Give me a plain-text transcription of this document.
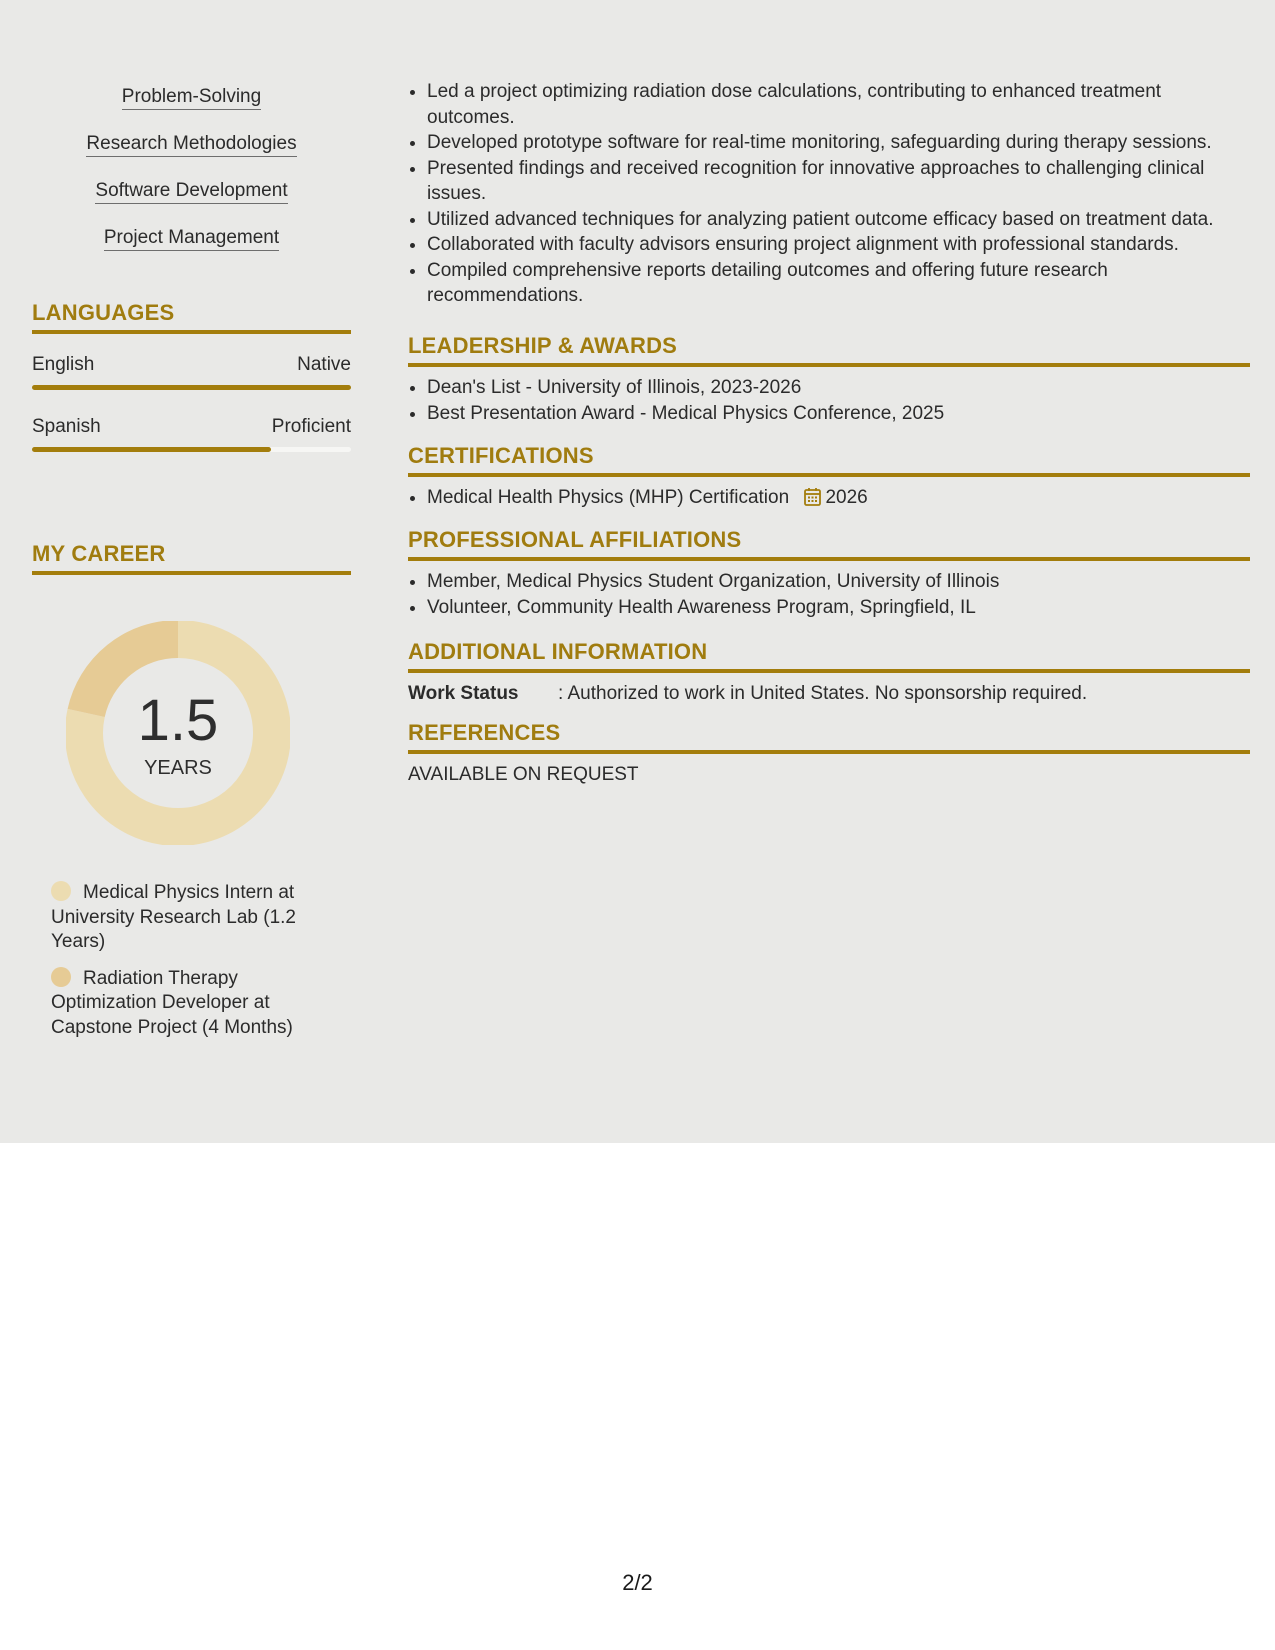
Problem-Solving
Research Methodologies
Software Development
Project Management
LANGUAGES
English	Native
Spanish	Proficient
MY CAREER
1.5
YEARS
Medical Physics Intern at University Research Lab (1.2 Years)
Radiation Therapy Optimization Developer at Capstone Project (4 Months)
• Led a project optimizing radiation dose calculations, contributing to enhanced treatment outcomes.
• Developed prototype software for real-time monitoring, safeguarding during therapy sessions.
• Presented findings and received recognition for innovative approaches to challenging clinical issues.
• Utilized advanced techniques for analyzing patient outcome efficacy based on treatment data.
• Collaborated with faculty advisors ensuring project alignment with professional standards.
• Compiled comprehensive reports detailing outcomes and offering future research recommendations.
LEADERSHIP & AWARDS
• Dean's List - University of Illinois, 2023-2026
• Best Presentation Award - Medical Physics Conference, 2025
CERTIFICATIONS
• Medical Health Physics (MHP) Certification 2026
PROFESSIONAL AFFILIATIONS
• Member, Medical Physics Student Organization, University of Illinois
• Volunteer, Community Health Awareness Program, Springfield, IL
ADDITIONAL INFORMATION
Work Status : Authorized to work in United States. No sponsorship required.
REFERENCES
AVAILABLE ON REQUEST
2/2
